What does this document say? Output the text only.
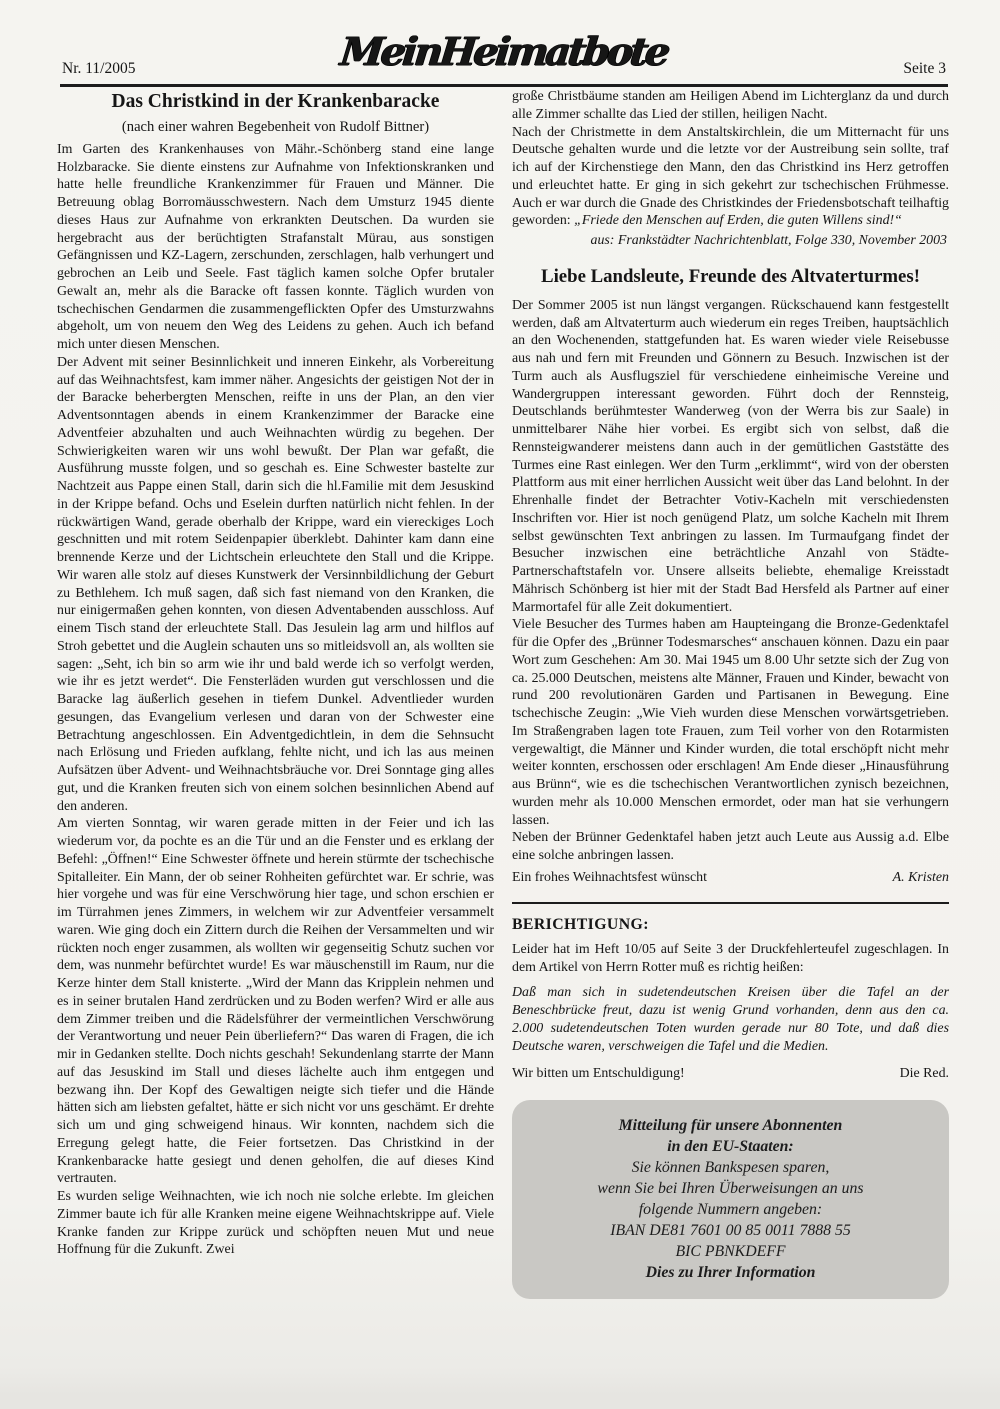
Nr. 11/2005	MeinHeimatbote	Seite 3
Das Christkind in der Krankenbaracke
(nach einer wahren Begebenheit von Rudolf Bittner)

Im Garten des Krankenhauses von Mähr.-Schönberg stand eine lange Holzbaracke. Sie diente einstens zur Aufnahme von Infektionskranken und hatte helle freundliche Krankenzimmer für Frauen und Männer. Die Betreuung oblag Borromäusschwestern. Nach dem Umsturz 1945 diente dieses Haus zur Aufnahme von erkrankten Deutschen. Da wurden sie hergebracht aus der berüchtigten Strafanstalt Mürau, aus sonstigen Gefängnissen und KZ-Lagern, zerschunden, zerschlagen, halb verhungert und gebrochen an Leib und Seele. Fast täglich kamen solche Opfer brutaler Gewalt an, mehr als die Baracke oft fassen konnte. Täglich wurden von tschechischen Gendarmen die zusammengeflickten Opfer des Umsturzwahns abgeholt, um von neuem den Weg des Leidens zu gehen. Auch ich befand mich unter diesen Menschen.

Der Advent mit seiner Besinnlichkeit und inneren Einkehr, als Vorbereitung auf das Weihnachtsfest, kam immer näher. Angesichts der geistigen Not der in der Baracke beherbergten Menschen, reifte in uns der Plan, an den vier Adventsonntagen abends in einem Krankenzimmer der Baracke eine Adventfeier abzuhalten und auch Weihnachten würdig zu begehen. Der Schwierigkeiten waren wir uns wohl bewußt. Der Plan war gefaßt, die Ausführung musste folgen, und so geschah es. Eine Schwester bastelte zur Nachtzeit aus Pappe einen Stall, darin sich die hl.Familie mit dem Jesuskind in der Krippe befand. Ochs und Eselein durften natürlich nicht fehlen. In der rückwärtigen Wand, gerade oberhalb der Krippe, ward ein viereckiges Loch geschnitten und mit rotem Seidenpapier überklebt. Dahinter kam dann eine brennende Kerze und der Lichtschein erleuchtete den Stall und die Krippe. Wir waren alle stolz auf dieses Kunstwerk der Versinnbildlichung der Geburt zu Bethlehem. Ich muß sagen, daß sich fast niemand von den Kranken, die nur einigermaßen gehen konnten, von diesen Adventabenden ausschloss. Auf einem Tisch stand der erleuchtete Stall. Das Jesulein lag arm und hilflos auf Stroh gebettet und die Auglein schauten uns so mitleidsvoll an, als wollten sie sagen: „Seht, ich bin so arm wie ihr und bald werde ich so verfolgt werden, wie ihr es jetzt werdet“. Die Fensterläden wurden gut verschlossen und die Baracke lag äußerlich gesehen in tiefem Dunkel. Adventlieder wurden gesungen, das Evangelium verlesen und daran von der Schwester eine Betrachtung angeschlossen. Ein Adventgedichtlein, in dem die Sehnsucht nach Erlösung und Frieden aufklang, fehlte nicht, und ich las aus meinen Aufsätzen über Advent- und Weihnachtsbräuche vor. Drei Sonntage ging alles gut, und die Kranken freuten sich von einem solchen besinnlichen Abend auf den anderen.

Am vierten Sonntag, wir waren gerade mitten in der Feier und ich las wiederum vor, da pochte es an die Tür und an die Fenster und es erklang der Befehl: „Öffnen!“ Eine Schwester öffnete und herein stürmte der tschechische Spitalleiter. Ein Mann, der ob seiner Rohheiten gefürchtet war. Er schrie, was hier vorgehe und was für eine Verschwörung hier tage, und schon erschien er im Türrahmen jenes Zimmers, in welchem wir zur Adventfeier versammelt waren. Wie ging doch ein Zittern durch die Reihen der Versammelten und wir rückten noch enger zusammen, als wollten wir gegenseitig Schutz suchen vor dem, was nunmehr befürchtet wurde! Es war mäuschenstill im Raum, nur die Kerze hinter dem Stall knisterte. „Wird der Mann das Kripplein nehmen und es in seiner brutalen Hand zerdrücken und zu Boden werfen? Wird er alle aus dem Zimmer treiben und die Rädelsführer der vermeintlichen Verschwörung der Verantwortung und neuer Pein überliefern?“ Das waren di Fragen, die ich mir in Gedanken stellte. Doch nichts geschah! Sekundenlang starrte der Mann auf das Jesuskind im Stall und dieses lächelte auch ihm entgegen und bezwang ihn. Der Kopf des Gewaltigen neigte sich tiefer und die Hände hätten sich am liebsten gefaltet, hätte er sich nicht vor uns geschämt. Er drehte sich um und ging schweigend hinaus. Wir konnten, nachdem sich die Erregung gelegt hatte, die Feier fortsetzen. Das Christkind in der Krankenbaracke hatte gesiegt und denen geholfen, die auf dieses Kind vertrauten.

Es wurden selige Weihnachten, wie ich noch nie solche erlebte. Im gleichen Zimmer baute ich für alle Kranken meine eigene Weihnachtskrippe auf. Viele Kranke fanden zur Krippe zurück und schöpften neuen Mut und neue Hoffnung für die Zukunft. Zwei

große Christbäume standen am Heiligen Abend im Lichterglanz da und durch alle Zimmer schallte das Lied der stillen, heiligen Nacht.

Nach der Christmette in dem Anstaltskirchlein, die um Mitternacht für uns Deutsche gehalten wurde und die letzte vor der Austreibung sein sollte, traf ich auf der Kirchenstiege den Mann, den das Christkind ins Herz getroffen und erleuchtet hatte. Er ging in sich gekehrt zur tschechischen Frühmesse. Auch er war durch die Gnade des Christkindes der Friedensbotschaft teilhaftig geworden: „Friede den Menschen auf Erden, die guten Willens sind!“

aus: Frankstädter Nachrichtenblatt, Folge 330, November 2003
Liebe Landsleute, Freunde des Altvaterturmes!

Der Sommer 2005 ist nun längst vergangen. Rückschauend kann festgestellt werden, daß am Altvaterturm auch wiederum ein reges Treiben, hauptsächlich an den Wochenenden, stattgefunden hat. Es waren wieder viele Reisebusse aus nah und fern mit Freunden und Gönnern zu Besuch. Inzwischen ist der Turm auch als Ausflugsziel für verschiedene einheimische Vereine und Wandergruppen interessant geworden. Führt doch der Rennsteig, Deutschlands berühmtester Wanderweg (von der Werra bis zur Saale) in unmittelbarer Nähe hier vorbei. Es ergibt sich von selbst, daß die Rennsteigwanderer meistens dann auch in der gemütlichen Gaststätte des Turmes eine Rast einlegen. Wer den Turm „erklimmt“, wird von der obersten Plattform aus mit einer herrlichen Aussicht weit über das Land belohnt. In der Ehrenhalle findet der Betrachter Votiv-Kacheln mit verschiedensten Inschriften vor. Hier ist noch genügend Platz, um solche Kacheln mit Ihrem selbst gewünschten Text anbringen zu lassen. Im Turmaufgang findet der Besucher inzwischen eine beträchtliche Anzahl von Städte-Partnerschaftstafeln vor. Unsere allseits beliebte, ehemalige Kreisstadt Mährisch Schönberg ist hier mit der Stadt Bad Hersfeld als Partner auf einer Marmortafel für alle Zeit dokumentiert.

Viele Besucher des Turmes haben am Haupteingang die Bronze-Gedenktafel für die Opfer des „Brünner Todesmarsches“ anschauen können. Dazu ein paar Wort zum Geschehen: Am 30. Mai 1945 um 8.00 Uhr setzte sich der Zug von ca. 25.000 Deutschen, meistens alte Männer, Frauen und Kinder, bewacht von rund 200 revolutionären Garden und Partisanen in Bewegung. Eine tschechische Zeugin: „Wie Vieh wurden diese Menschen vorwärtsgetrieben. Im Straßengraben lagen tote Frauen, zum Teil vorher von den Rotarmisten vergewaltigt, die Männer und Kinder wurden, die total erschöpft nicht mehr weiter konnten, erschossen oder erschlagen! Am Ende dieser „Hinausführung aus Brünn“, wie es die tschechischen Verantwortlichen zynisch bezeichnen, wurden mehr als 10.000 Menschen ermordet, oder man hat sie verhungern lassen.

Neben der Brünner Gedenktafel haben jetzt auch Leute aus Aussig a.d. Elbe eine solche anbringen lassen.

Ein frohes Weihnachtsfest wünscht	A. Kristen
BERICHTIGUNG:

Leider hat im Heft 10/05 auf Seite 3 der Druckfehlerteufel zugeschlagen. In dem Artikel von Herrn Rotter muß es richtig heißen:

Daß man sich in sudetendeutschen Kreisen über die Tafel an der Beneschbrücke freut, dazu ist wenig Grund vorhanden, denn aus den ca. 2.000 sudetendeutschen Toten wurden gerade nur 80 Tote, und daß dies Deutsche waren, verschweigen die Tafel und die Medien.

Wir bitten um Entschuldigung!	Die Red.
Mitteilung für unsere Abonnenten
in den EU-Staaten:
Sie können Bankspesen sparen,
wenn Sie bei Ihren Überweisungen an uns
folgende Nummern angeben:
IBAN DE81 7601 00 85 0011 7888 55
BIC PBNKDEFF
Dies zu Ihrer Information
